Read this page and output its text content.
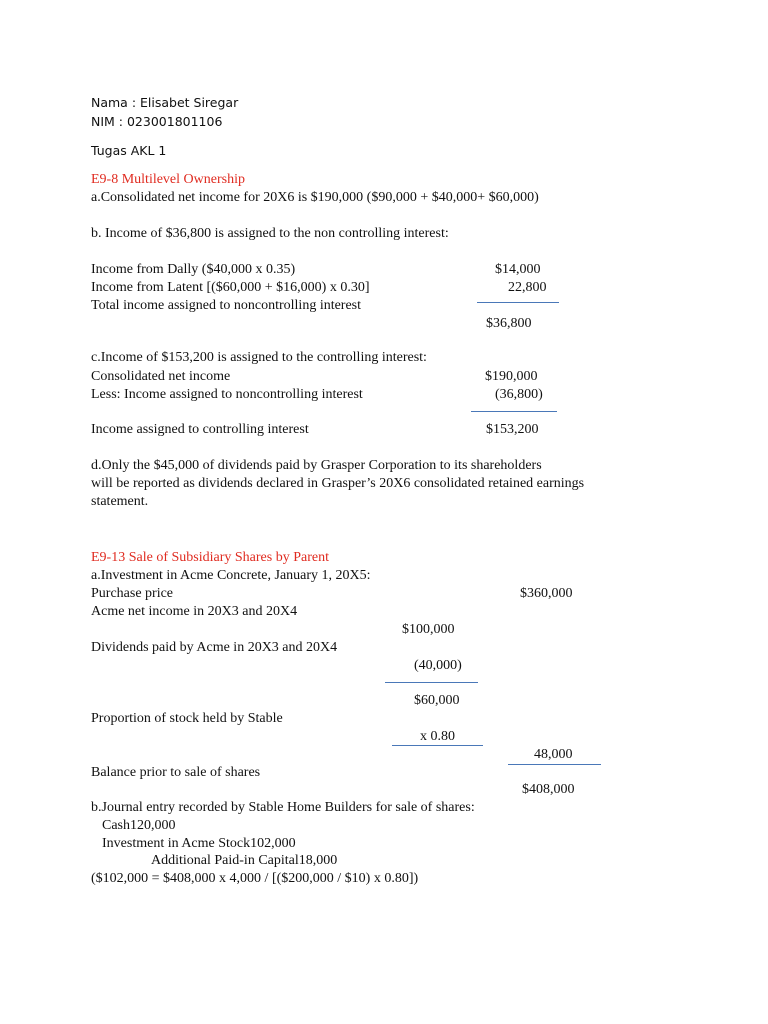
Nama : Elisabet Siregar
NIM : 023001801106
Tugas AKL 1
E9-8 Multilevel Ownership
a.Consolidated net income for 20X6 is $190,000 ($90,000 + $40,000+ $60,000)
b. Income of $36,800 is assigned to the non controlling interest:
Income from Dally ($40,000 x 0.35)	$14,000
Income from Latent [($60,000 + $16,000) x 0.30]	22,800
Total income assigned to noncontrolling interest
$36,800
c.Income of $153,200 is assigned to the controlling interest:
Consolidated net income	$190,000
Less: Income assigned to noncontrolling interest	(36,800)
Income assigned to controlling interest	$153,200
d.Only the $45,000 of dividends paid by Grasper Corporation to its shareholders
will be reported as dividends declared in Grasper’s 20X6 consolidated retained earnings
statement.
E9-13 Sale of Subsidiary Shares by Parent
a.Investment in Acme Concrete, January 1, 20X5:
Purchase price	$360,000
Acme net income in 20X3 and 20X4
$100,000
Dividends paid by Acme in 20X3 and 20X4
(40,000)
$60,000
Proportion of stock held by Stable
x 0.80
48,000
Balance prior to sale of shares
$408,000
b.Journal entry recorded by Stable Home Builders for sale of shares:
Cash120,000
Investment in Acme Stock102,000
Additional Paid-in Capital18,000
($102,000 = $408,000 x 4,000 / [($200,000 / $10) x 0.80])
